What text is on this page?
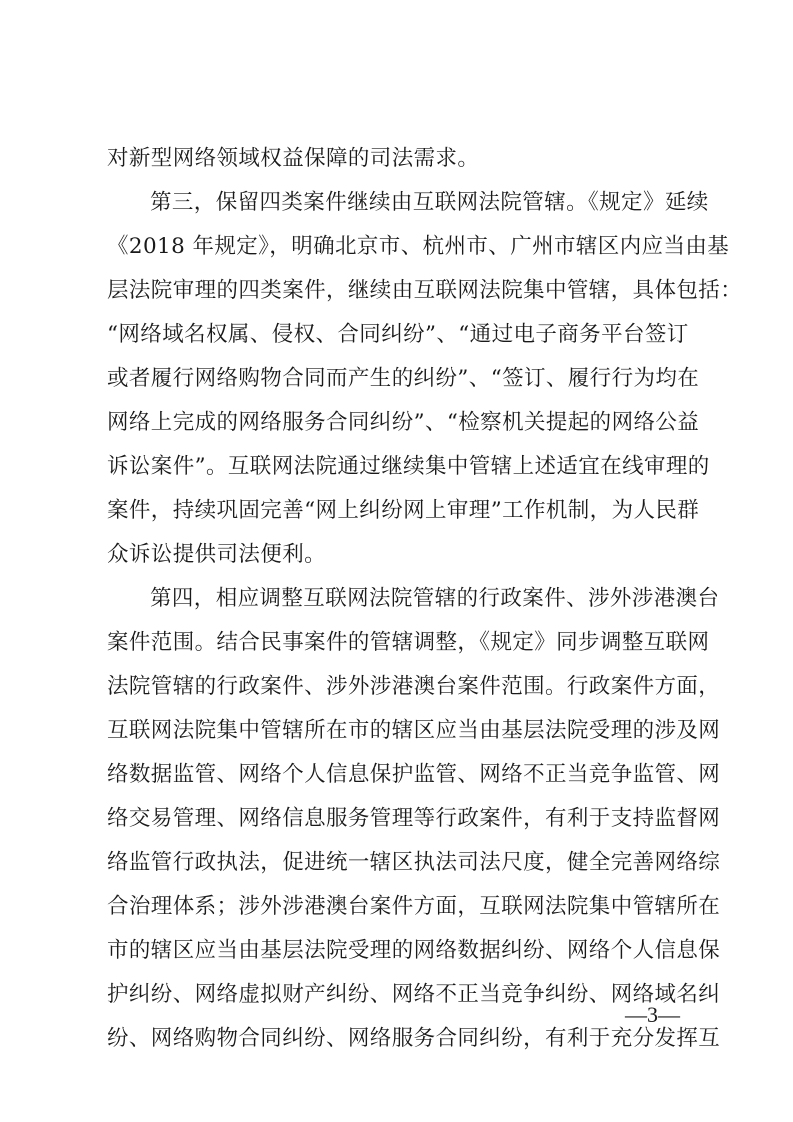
对新型网络领域权益保障的司法需求。
第三，保留四类案件继续由互联网法院管辖。《规定》延续
《2018 年规定》，明确北京市、杭州市、广州市辖区内应当由基
层法院审理的四类案件，继续由互联网法院集中管辖，具体包括：
“网络域名权属、侵权、合同纠纷”、“通过电子商务平台签订
或者履行网络购物合同而产生的纠纷”、“签订、履行行为均在
网络上完成的网络服务合同纠纷”、“检察机关提起的网络公益
诉讼案件”。互联网法院通过继续集中管辖上述适宜在线审理的
案件，持续巩固完善“网上纠纷网上审理”工作机制，为人民群
众诉讼提供司法便利。
第四，相应调整互联网法院管辖的行政案件、涉外涉港澳台
案件范围。结合民事案件的管辖调整，《规定》同步调整互联网
法院管辖的行政案件、涉外涉港澳台案件范围。行政案件方面，
互联网法院集中管辖所在市的辖区应当由基层法院受理的涉及网
络数据监管、网络个人信息保护监管、网络不正当竞争监管、网
络交易管理、网络信息服务管理等行政案件，有利于支持监督网
络监管行政执法，促进统一辖区执法司法尺度，健全完善网络综
合治理体系；涉外涉港澳台案件方面，互联网法院集中管辖所在
市的辖区应当由基层法院受理的网络数据纠纷、网络个人信息保
护纠纷、网络虚拟财产纠纷、网络不正当竞争纠纷、网络域名纠
纷、网络购物合同纠纷、网络服务合同纠纷，有利于充分发挥互
—3—
